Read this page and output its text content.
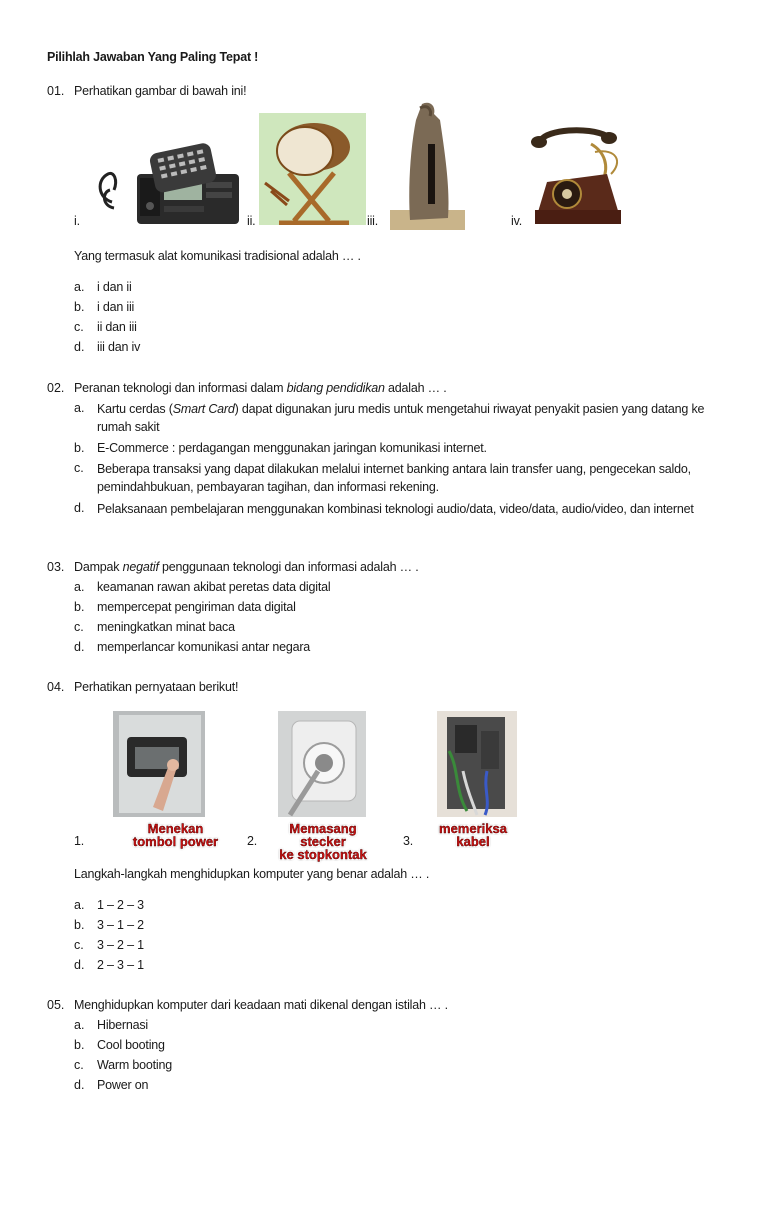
Pilihlah Jawaban Yang Paling Tepat !
01. Perhatikan gambar di bawah ini!
i.	ii.	iii.	iv.
Yang termasuk alat komunikasi tradisional adalah … .
a. i dan ii
b. i dan iii
c. ii dan iii
d. iii dan iv
02. Peranan teknologi dan informasi dalam bidang pendidikan adalah … .
a. Kartu cerdas (Smart Card) dapat digunakan juru medis untuk mengetahui riwayat penyakit pasien yang datang ke rumah sakit
b. E-Commerce : perdagangan menggunakan jaringan komunikasi internet.
c. Beberapa transaksi yang dapat dilakukan melalui internet banking antara lain transfer uang, pengecekan saldo, pemindahbukuan, pembayaran tagihan, dan informasi rekening.
d. Pelaksanaan pembelajaran menggunakan kombinasi teknologi audio/data, video/data, audio/video, dan internet
03. Dampak negatif penggunaan teknologi dan informasi adalah … .
a. keamanan rawan akibat peretas data digital
b. mempercepat pengiriman data digital
c. meningkatkan minat baca
d. memperlancar komunikasi antar negara
04. Perhatikan pernyataan berikut!
Menekan
tombol power
1.
Memasang stecker
ke stopkontak
2.
memeriksa
kabel
3.
Langkah-langkah menghidupkan komputer yang benar adalah … .
a. 1 – 2 – 3
b. 3 – 1 – 2
c. 3 – 2 – 1
d. 2 – 3 – 1
05. Menghidupkan komputer dari keadaan mati dikenal dengan istilah … .
a. Hibernasi
b. Cool booting
c. Warm booting
d. Power on
